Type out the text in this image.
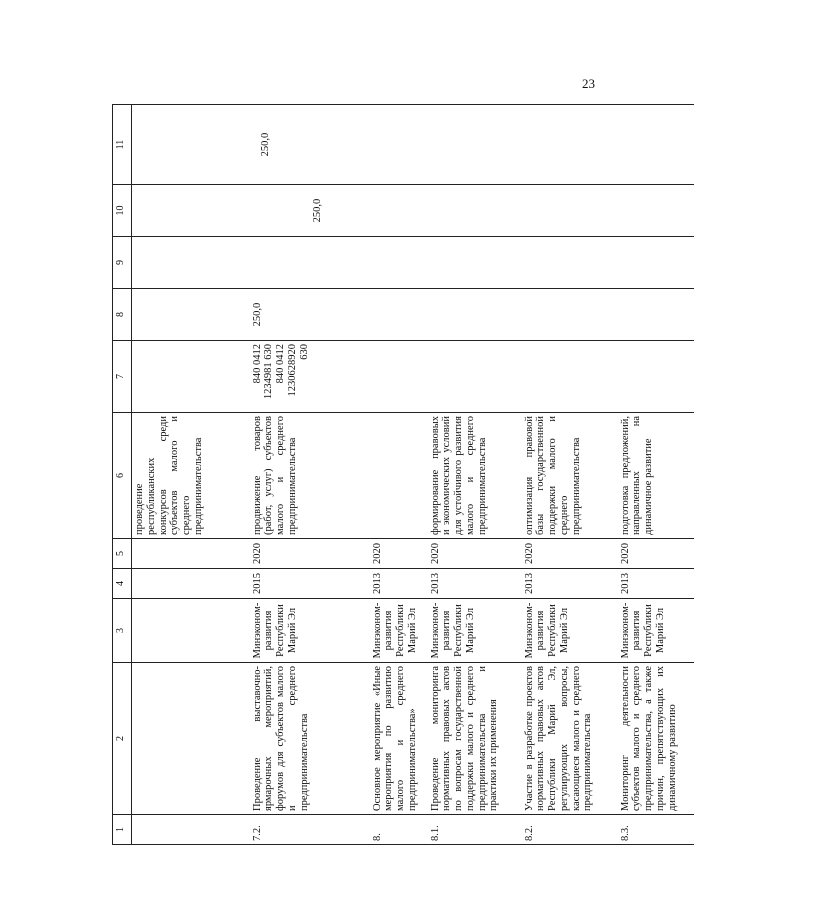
23
1	2	3	4	5	6	7	8	9	10	11
					проведение республиканских конкурсов среди субъектов малого и среднего предпринимательства					
7.2.	Проведение выставочно-ярмарочных мероприятий, форумов для субъектов малого и среднего предпринимательства	Минэконом-развития Республики Марий Эл	2015	2020	продвижение товаров (работ, услуг) субъектов малого и среднего предпринимательства	840 0412 1234981 630 840 0412 1230628920 630	250,0		250,0	250,0
8.	Основное мероприятие «Иные мероприятия по развитию малого и среднего предпринимательства»	Минэконом-развития Республики Марий Эл	2013	2020						
8.1.	Проведение мониторинга нормативных правовых актов по вопросам государственной поддержки малого и среднего предпринимательства и практики их применения	Минэконом-развития Республики Марий Эл	2013	2020	формирование правовых и экономических условий для устойчивого развития малого и среднего предпринимательства					
8.2.	Участие в разработке проектов нормативных правовых актов Республики Марий Эл, регулирующих вопросы, касающиеся малого и среднего предпринимательства	Минэконом-развития Республики Марий Эл	2013	2020	оптимизация правовой базы государственной поддержки малого и среднего предпринимательства					
8.3.	Мониторинг деятельности субъектов малого и среднего предпринимательства, а также причин, препятствующих их динамичному развитию	Минэконом-развития Республики Марий Эл	2013	2020	подготовка предложений, направленных на динамичное развитие					
